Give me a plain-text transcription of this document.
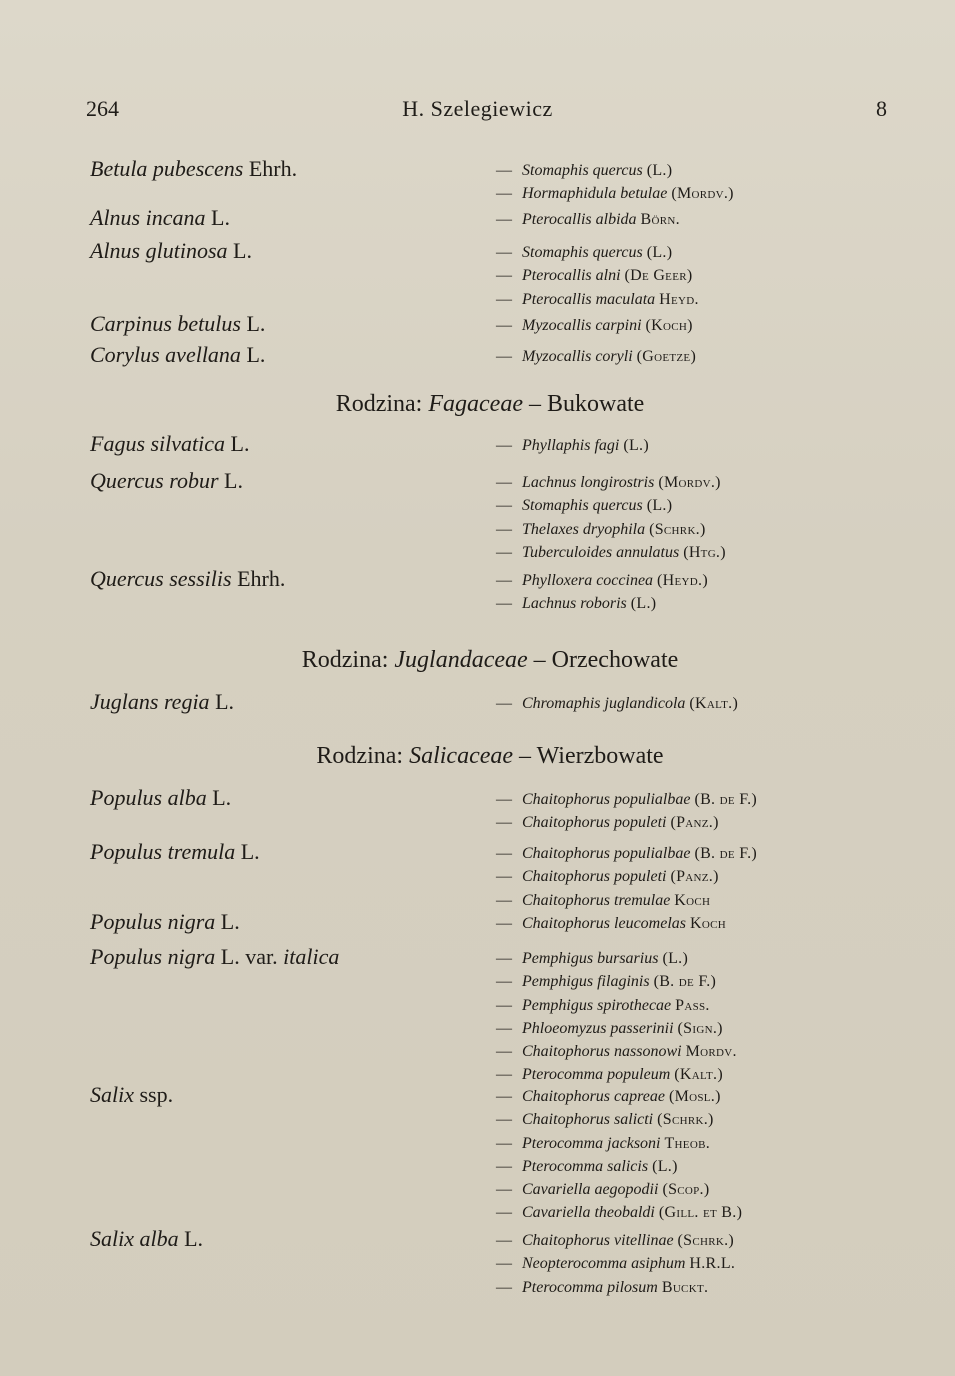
264	H. Szelegiewicz	8
Betula pubescens Ehrh.	— Stomaphis quercus (L.)
— Hormaphidula betulae (Mordv.)
Alnus incana L.	— Pterocallis albida Börn.
Alnus glutinosa L.	— Stomaphis quercus (L.)
— Pterocallis alni (De Geer)
— Pterocallis maculata Heyd.
Carpinus betulus L.	— Myzocallis carpini (Koch)
Corylus avellana L.	— Myzocallis coryli (Goetze)
Rodzina: Fagaceae – Bukowate
Fagus silvatica L.	— Phyllaphis fagi (L.)
Quercus robur L.	— Lachnus longirostris (Mordv.)
— Stomaphis quercus (L.)
— Thelaxes dryophila (Schrk.)
— Tuberculoides annulatus (Htg.)
Quercus sessilis Ehrh.	— Phylloxera coccinea (Heyd.)
— Lachnus roboris (L.)
Rodzina: Juglandaceae – Orzechowate
Juglans regia L.	— Chromaphis juglandicola (Kalt.)
Rodzina: Salicaceae – Wierzbowate
Populus alba L.	— Chaitophorus populialbae (B. de F.)
— Chaitophorus populeti (Panz.)
Populus tremula L.	— Chaitophorus populialbae (B. de F.)
— Chaitophorus populeti (Panz.)
— Chaitophorus tremulae Koch
Populus nigra L.	— Chaitophorus leucomelas Koch
Populus nigra L. var. italica	— Pemphigus bursarius (L.)
— Pemphigus filaginis (B. de F.)
— Pemphigus spirothecae Pass.
— Phloeomyzus passerinii (Sign.)
— Chaitophorus nassonowi Mordv.
— Pterocomma populeum (Kalt.)
Salix ssp.	— Chaitophorus capreae (Mosl.)
— Chaitophorus salicti (Schrk.)
— Pterocomma jacksoni Theob.
— Pterocomma salicis (L.)
— Cavariella aegopodii (Scop.)
— Cavariella theobaldi (Gill. et B.)
Salix alba L.	— Chaitophorus vitellinae (Schrk.)
— Neopterocomma asiphum H.R.L.
— Pterocomma pilosum Buckt.
